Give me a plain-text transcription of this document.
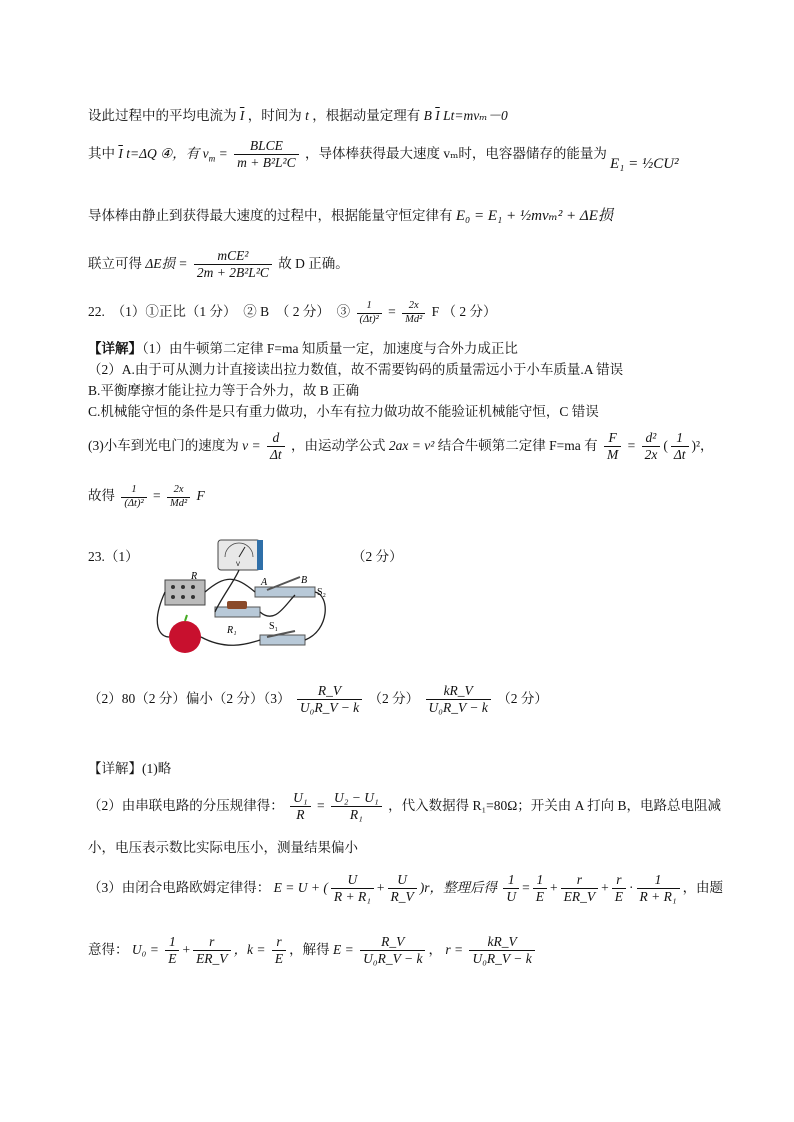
设此过程中的平均电流为 $\overline{I}$ ，时间为 t ，根据动量定理有 B $\overline{I}$ Lt=mvₘ－0
其中 $\overline{I}$ t=ΔQ ④，有 $v_m = \frac{\text{BLCE}}{\text{m + B²L²C}}$ ，导体棒获得最大速度 vₘ时，电容器储存的能量为
E₁ = ½CU²
导体棒由静止到获得最大速度的过程中，根据能量守恒定律有 E₀ = E₁ + ½mvₘ² + ΔE损
联立可得 ΔE损 = $\frac{\text{mCE²}}{\text{2m + 2B²L²C}}$ 故 D 正确。
22.　（1）①正比（1 分）　② B　（ 2 分）　③ $\frac{1}{\text{(Δt)²}} = \frac{2x}{\text{Md²}}$ F （ 2 分）
【详解】（1）由牛顿第二定律 F=ma 知质量一定，加速度与合外力成正比
（2）A.由于可从测力计直接读出拉力数值，故不需要钩码的质量需远小于小车质量.A 错误
B.平衡摩擦才能让拉力等于合外力，故 B 正确
C.机械能守恒的条件是只有重力做功，小车有拉力做功故不能验证机械能守恒，C 错误
(3)小车到光电门的速度为 $v = \frac{d}{\Delta t}$ ，由运动学公式 2ax = v² 结合牛顿第二定律 F=ma 有 $\frac{F}{M} = \frac{\text{d²}}{2x}$ ( $\frac{1}{\Delta t} )^2$，
故得 $\frac{1}{\text{(Δt)²}} = \frac{2x}{\text{Md²}}$ F
23.（1）	（2 分）
V
R
A	B
S₂
R₁	S₁
（2）80（2 分）偏小（2 分）$(3) \frac{R\_V}{\text{U₀R\_V − k}} (2$ 分） $\frac{kR\_V}{\text{U₀R\_V − k}} (2$ 分）
【详解】(1)略
（2）由串联电路的分压规律得： $\frac{\text{U₁}}{R} = \frac{\text{U₂ − U₁}}{\text{R₁}}$ ，代入数据得 R₁=80Ω；开关由 A 打向 B，电路总电阻减
小，电压表示数比实际电压小，测量结果偏小
（3）由闭合电路欧姆定律得： E = U + ( $\frac{U}{\text{R + R₁}} + \frac{U}{R\_V} )r$，整理后得 $\frac{1}{U} = \frac{1}{E} + \frac{r}{ER\_V} + \frac{r}{E} \cdot \frac{1}{\text{R + R₁}}$ ，由题
意得： $U_0 = \frac{1}{E} + \frac{r}{ER\_V}$ ，$k = \frac{r}{E}$ ，解得 $E = \frac{R\_V}{\text{U₀R\_V − k}}$ ， $r = \frac{kR\_V}{\text{U₀R\_V − k}}$
